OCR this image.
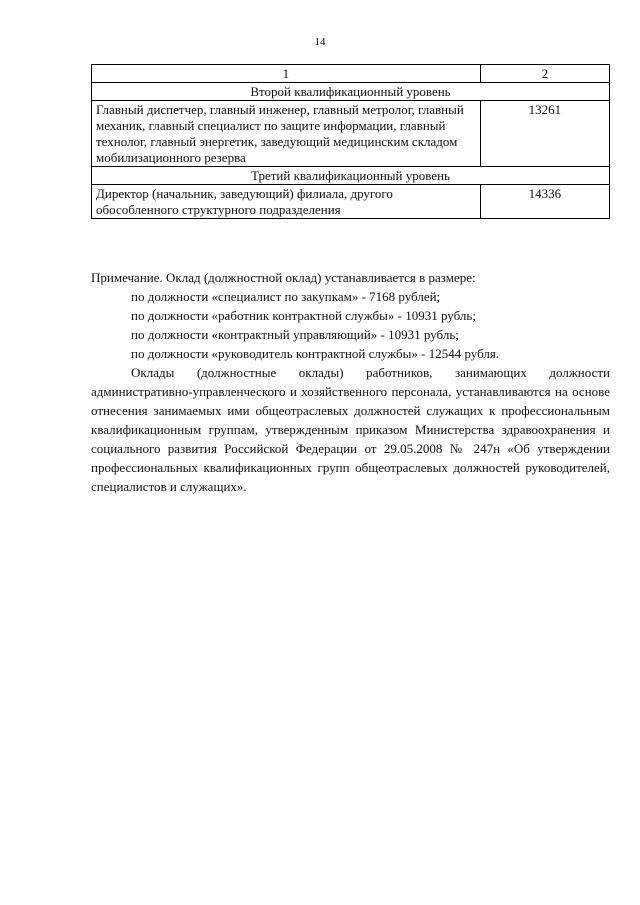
14
1	2
Второй квалификационный уровень	
Главный диспетчер, главный инженер, главный метролог, главный механик, главный специалист по защите информации, главный технолог, главный энергетик, заведующий медицинским складом мобилизационного резерва	13261
Третий квалификационный уровень	
Директор (начальник, заведующий) филиала, другого обособленного структурного подразделения	14336

Примечание. Оклад (должностной оклад) устанавливается в размере:

по должности «специалист по закупкам» - 7168 рублей;

по должности «работник контрактной службы» - 10931 рубль;

по должности «контрактный управляющий» - 10931 рубль;

по должности «руководитель контрактной службы» - 12544 рубля.

Оклады (должностные оклады) работников, занимающих должности административно-управленческого и хозяйственного персонала, устанавливаются на основе отнесения занимаемых ими общеотраслевых должностей служащих к профессиональным квалификационным группам, утвержденным приказом Министерства здравоохранения и социального развития Российской Федерации от 29.05.2008 № 247н «Об утверждении профессиональных квалификационных групп общеотраслевых должностей руководителей, специалистов и служащих».
